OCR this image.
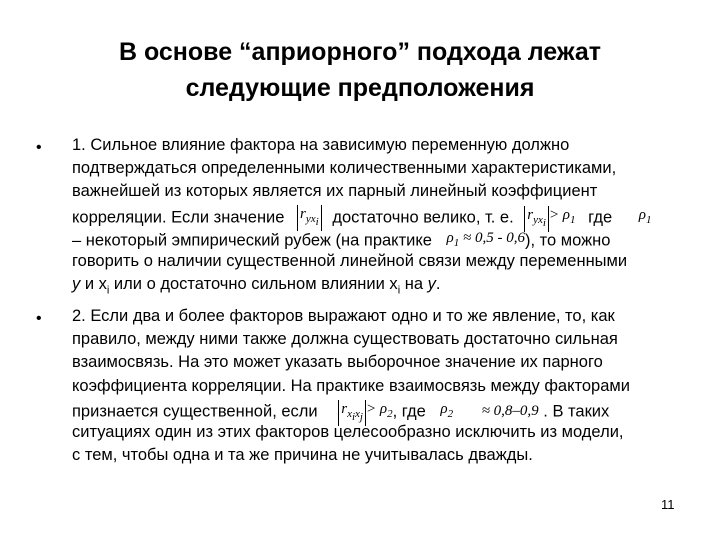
В основе “априорного” подхода лежат
следующие предположения
• 1. Сильное влияние фактора на зависимую переменную должно
подтверждаться определенными количественными характеристиками,
важнейшей из которых является их парный линейный коэффициент
корреляции. Если значение $r_{yx_i}$ достаточно велико, т. е. $r_{yx_i}> \rho_1$ где $\rho_1$
– некоторый эмпирический рубеж (на практике $\rho_1 \approx 0,5 - 0,6$), то можно
говорить о наличии существенной линейной связи между переменными
y и $x_i$ или о достаточно сильном влиянии $x_i$ на y.
• 2. Если два и более факторов выражают одно и то же явление, то, как
правило, между ними также должна существовать достаточно сильная
взаимосвязь. На это может указать выборочное значение их парного
коэффициента корреляции. На практике взаимосвязь между факторами
признается существенной, если $r_{x_ix_j}> \rho_2$, где $\rho_2 \approx 0,8-0,9$ . В таких
ситуациях один из этих факторов целесообразно исключить из модели,
с тем, чтобы одна и та же причина не учитывалась дважды.
11
